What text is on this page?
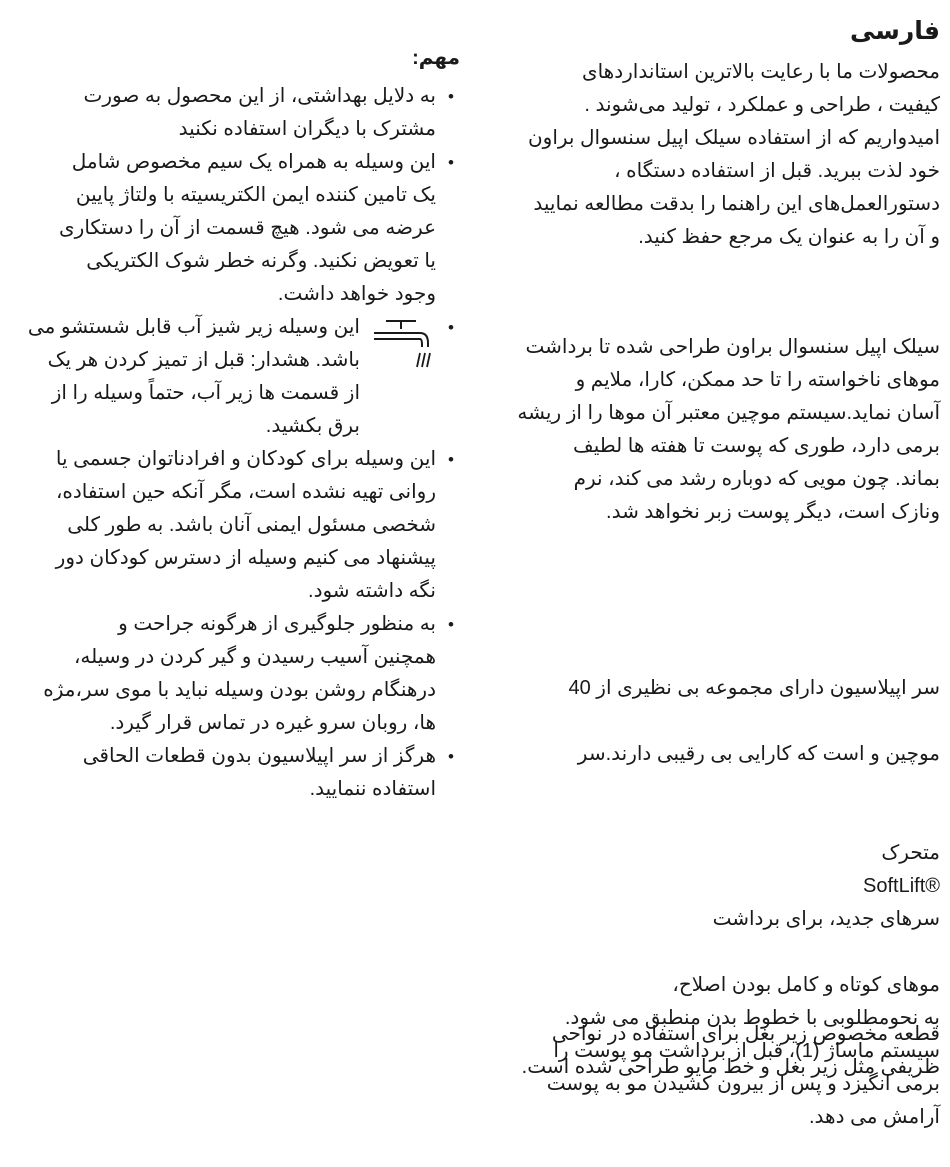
فارسی
محصولات ما با رعایت بالاترین استانداردهای
کیفیت ، طراحی و عملکرد ، تولید می‌شوند .
امیدواریم که از استفاده سیلک اپیل سنسوال براون
خود لذت ببرید. قبل از استفاده دستگاه ،
دستورالعمل‌های این راهنما را بدقت مطالعه نمایید
و آن را به عنوان یک مرجع حفظ کنید.
سیلک اپیل سنسوال براون طراحی شده تا برداشت
موهای ناخواسته را تا حد ممکن، کارا، ملایم و
آسان نماید.سیستم موچین معتبر آن موها را از ریشه
برمی دارد، طوری که پوست تا هفته ها لطیف
بماند. چون مویی که دوباره رشد می کند، نرم
ونازک است، دیگر پوست زبر نخواهد شد.

سر اپیلاسیون دارای مجموعه بی نظیری از 40

موچین و است که کارایی بی رقیبی دارند.سر

متحرک
SoftLift®
سرهای جدید، برای برداشت

موهای کوتاه و کامل بودن اصلاح،
به نحومطلوبی با خطوط بدن منطبق می شود.
سیستم ماساژ (1)، قبل از برداشت مو پوست را
برمی انگیزد و پس از بیرون کشیدن مو به پوست
آرامش می دهد.

قطعه مخصوص زیر بغل برای استفاده در نواحی
ظریفی مثل زیر بغل و خط مایو طراحی شده است.
مهم:
• به دلایل بهداشتی، از این محصول به صورت
مشترک با دیگران استفاده نکنید
• این وسیله به همراه یک سیم مخصوص شامل
یک تامین کننده ایمن الکتریسیته با ولتاژ پایین
عرضه می شود. هیچ قسمت از آن را دستکاری
یا تعویض نکنید. وگرنه خطر شوک الکتریکی
وجود خواهد داشت.
• این وسیله زیر شیز آب قابل شستشو می
باشد. هشدار: قبل از تمیز کردن هر یک
از قسمت ها زیر آب، حتماً وسیله را از
برق بکشید.
• این وسیله برای کودکان و افرادناتوان جسمی یا
روانی تهیه نشده است، مگر آنکه حین استفاده،
شخصی مسئول ایمنی آنان باشد. به طور کلی
پیشنهاد می کنیم وسیله از دسترس کودکان دور
نگه داشته شود.
• به منظور جلوگیری از هرگونه جراحت و
همچنین آسیب رسیدن و گیر کردن در وسیله،
درهنگام روشن بودن وسیله نباید با موی سر،مژه
ها، روبان سرو غیره در تماس قرار گیرد.
• هرگز از سر اپیلاسیون بدون قطعات الحاقی
استفاده ننمایید.
